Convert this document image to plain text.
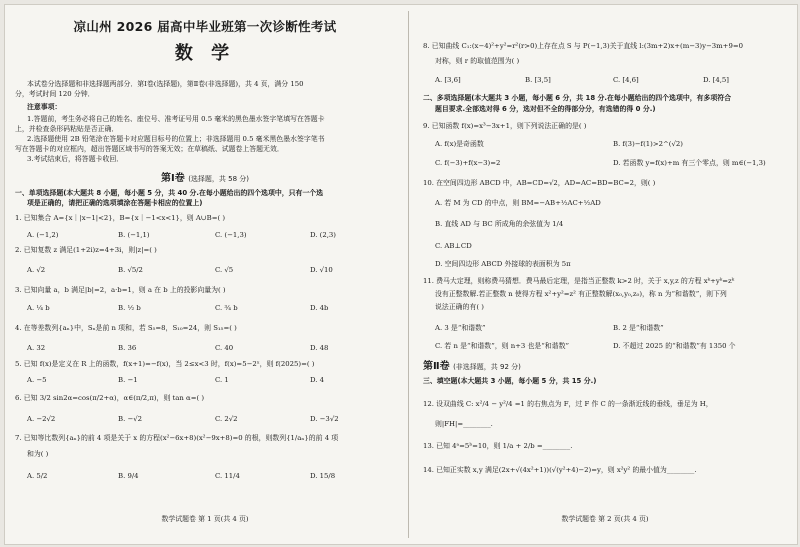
凉山州 2026 届高中毕业班第一次诊断性考试
数 学
本试卷分选择题和非选择题两部分．第Ⅰ卷(选择题)，第Ⅱ卷(非选择题)，共 4 页，满分 150
分，考试时间 120 分钟．
注意事项：
1.答题前，考生务必将自己的姓名、座位号、准考证号用 0.5 毫米的黑色墨水签字笔填写在答题卡
上，并检查条形码粘贴是否正确．
2.选择题使用 2B 铅笔涂在答题卡对应题目标号的位置上；非选择题用 0.5 毫米黑色墨水签字笔书
写在答题卡的对应框内，超出答题区域书写的答案无效；在草稿纸、试题卷上答题无效．
3.考试结束后，将答题卡收回．
第Ⅰ卷 (选择题，共 58 分)
一、单项选择题(本大题共 8 小题，每小题 5 分，共 40 分.在每小题给出的四个选项中，只有一个选
项是正确的，请把正确的选项填涂在答题卡相应的位置上)
1. 已知集合 A={x｜|x−1|<2}，B={x｜−1<x<1}，则 A∪B=( )
A. (−1,2)	B. (−1,1)	C. (−1,3)	D. (2,3)
2. 已知复数 z 满足(1+2i)z=4+3i，则|z|=( )
A. √2	B. √5/2	C. √5	D. √10
3. 已知向量 a，b 满足|b|=2，a·b=1，则 a 在 b 上的投影向量为( )
A. ¼ b	B. ½ b	C. ¾ b	D. 4b
4. 在等差数列{aₙ}中，Sₙ是前 n 项和，若 S₅=8，S₁₀=24，则 S₁₅=( )
A. 32	B. 36	C. 40	D. 48
5. 已知 f(x)是定义在 R 上的函数，f(x+1)=−f(x)，当 2≤x<3 时，f(x)=5−2ˣ，则 f(2025)=( )
A. −5	B. −1	C. 1	D. 4
6. 已知 3/2 sin2α=cos(π/2+α)，α∈(π/2,π)，则 tan α=( )
A. −2√2	B. −√2	C. 2√2	D. −3√2
7. 已知等比数列{aₙ}的前 4 项是关于 x 的方程(x²−6x+8)(x²−9x+8)=0 的根，则数列{1/aₙ}的前 4 项
和为( )
A. 5/2	B. 9/4	C. 11/4	D. 15/8
数学试题卷 第 1 页(共 4 页)
8. 已知曲线 C₁:(x−4)²+y²=r²(r>0)上存在点 S 与 P(−1,3)关于直线 l:(3m+2)x+(m−3)y−3m+9=0
对称，则 r 的取值范围为( )
A. [3,6]	B. [3,5]	C. [4,6]	D. [4,5]
二、多项选择题(本大题共 3 小题，每小题 6 分，共 18 分.在每小题给出的四个选项中，有多项符合
题目要求.全部选对得 6 分，选对但不全的得部分分，有选错的得 0 分.)
9. 已知函数 f(x)=x³−3x+1，则下列说法正确的是( )
A. f(x)是奇函数	B. f(3)−f(1)>2^(√2)
C. f(−3)+f(x−3)=2	D. 若函数 y=f(x)+m 有三个零点，则 m∈(−1,3)
10. 在空间四边形 ABCD 中，AB=CD=√2，AD=AC=BD=BC=2，则( )
A. 若 M 为 CD 的中点，则 BM=−AB+½AC+½AD
B. 直线 AD 与 BC 所成角的余弦值为 1/4
C. AB⊥CD
D. 空间四边形 ABCD 外接球的表面积为 5π
11. 费马大定理，则称费马猜想．费马最后定理，是指当正整数 k>2 时，关于 x,y,z 的方程 xᵏ+yᵏ=zᵏ
没有正整数解.若正整数 n 使得方程 x²+y²=z² 有正整数解(x₀,y₀,z₀)，称 n 为“和谐数”，则下列
说法正确的有( )
A. 3 是“和谐数”	B. 2 是“和谐数”
C. 若 n 是“和谐数”，则 n+3 也是“和谐数”	D. 不超过 2025 的“和谐数”有 1350 个
第Ⅱ卷 (非选择题，共 92 分)
三、填空题(本大题共 3 小题，每小题 5 分，共 15 分.)
12. 设双曲线 C: x²/4 − y²/4 =1 的右焦点为 F，过 F 作 C 的一条渐近线的垂线，垂足为 H，
则|FH|=________.
13. 已知 4ᵃ=5ᵇ=10，则 1/a + 2/b =________.
14. 已知正实数 x,y 满足(2x+√(4x²+1))(√(y²+4)−2)=y，则 x²y² 的最小值为________.
数学试题卷 第 2 页(共 4 页)
